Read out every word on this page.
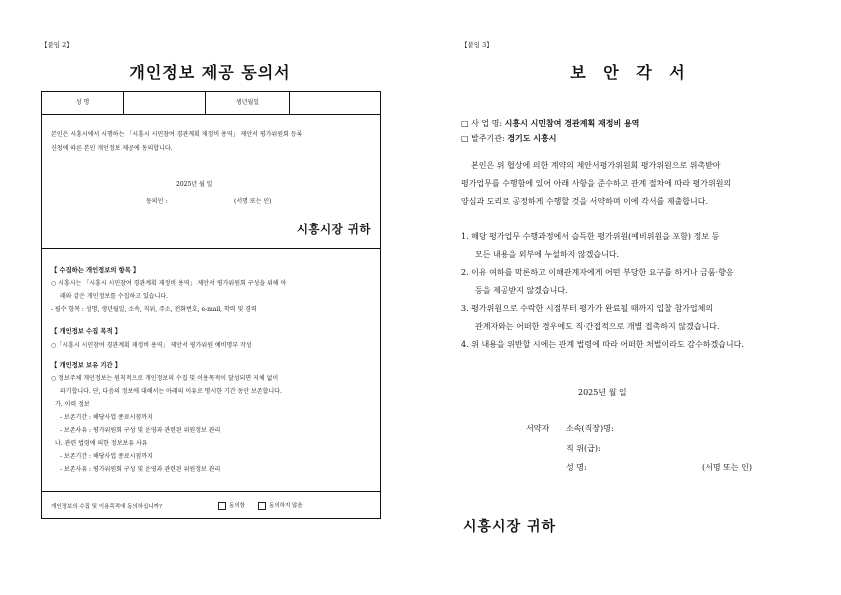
【붙임 2】
개인정보 제공 동의서
성 명	생년월일
본인은 시흥시에서 시행하는 「시흥시 시민참여 경관계획 재정비 용역」 제안서 평가위원회 등록
신청에 따른 본인 개인정보 제공에 동의합니다.
2025년 월 일
동의인 :	(서명 또는 인)
시흥시장 귀하
【 수집하는 개인정보의 항목 】
○ 시흥시는 「시흥시 시민참여 경관계획 재정비 용역」 제안서 평가위원회 구성을 위해 아
래와 같은 개인정보를 수집하고 있습니다.
- 필수 항목 : 성명, 생년월일, 소속, 직위, 주소, 전화번호, e-mail, 학력 및 경력
【 개인정보 수집 목적 】
○「시흥시 시민참여 경관계획 재정비 용역」 제안서 평가위원 예비명부 작성
【 개인정보 보유 기간 】
○ 정보주체 개인정보는 원칙적으로 개인정보의 수집 및 이용목적이 달성되면 지체 없이
파기합니다. 단, 다음의 정보에 대해서는 아래의 이유로 명시한 기간 동안 보존합니다.
가. 이력 정보
- 보존기간 : 해당사업 종료시점까지
- 보존사유 : 평가위원회 구성 및 운영과 관련된 위원정보 관리
나. 관련 법령에 의한 정보보유 사유
- 보존기간 : 해당사업 종료시점까지
- 보존사유 : 평가위원회 구성 및 운영과 관련된 위원정보 관리
개인정보의 수집 및 이용목적에 동의하십니까?	동의함	동의하지 않음
【붙임 3】
보 안 각 서
□ 사 업 명: 시흥시 시민참여 경관계획 재정비 용역
□ 발주기관: 경기도 시흥시
본인은 위 협상에 의한 계약의 제안서평가위원회 평가위원으로 위촉받아
평가업무를 수행함에 있어 아래 사항을 준수하고 관계 절차에 따라 평가위원의
양심과 도리로 공정하게 수행할 것을 서약하며 이에 각서를 제출합니다.
1. 해당 평가업무 수행과정에서 습득한 평가위원(예비위원을 포함) 정보 등
모든 내용을 외부에 누설하지 않겠습니다.
2. 이유 여하를 막론하고 이해관계자에게 어떤 부당한 요구를 하거나 금품·향응
등을 제공받지 않겠습니다.
3. 평가위원으로 수락한 시점부터 평가가 완료될 때까지 입찰 참가업체의
관계자와는 어떠한 경우에도 직·간접적으로 개별 접촉하지 않겠습니다.
4. 위 내용을 위반할 시에는 관계 법령에 따라 어떠한 처벌이라도 감수하겠습니다.
2025년 월 일
서약자 소속(직장)명:
직 위(급):
성 명:	(서명 또는 인)
시흥시장 귀하
